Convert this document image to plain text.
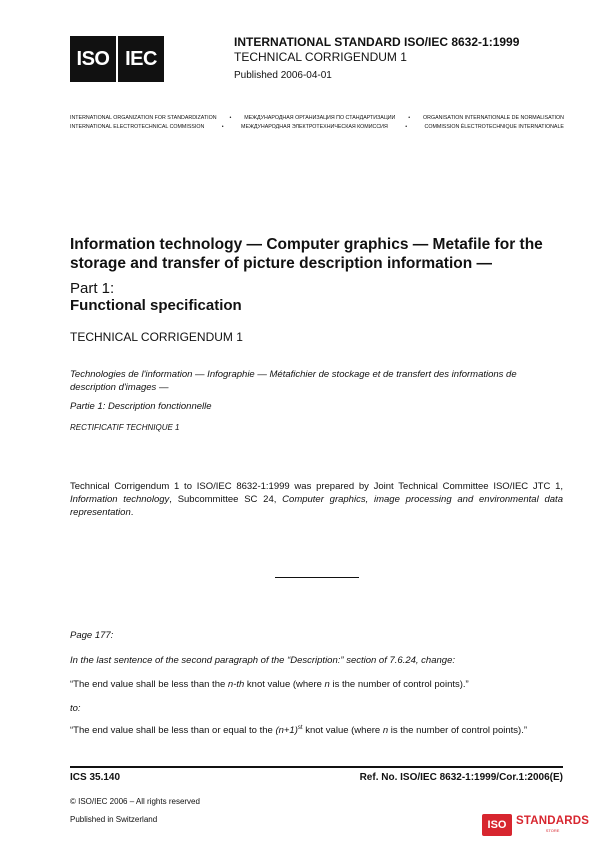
ISO IEC
INTERNATIONAL STANDARD ISO/IEC 8632-1:1999
TECHNICAL CORRIGENDUM 1
Published 2006-04-01
INTERNATIONAL ORGANIZATION FOR STANDARDIZATION • МЕЖДУНАРОДНАЯ ОРГАНИЗАЦИЯ ПО СТАНДАРТИЗАЦИИ • ORGANISATION INTERNATIONALE DE NORMALISATION
INTERNATIONAL ELECTROTECHNICAL COMMISSION	•	МЕЖДУНАРОДНАЯ ЭЛЕКТРОТЕХНИЧЕСКАЯ КОМИССИЯ	•	COMMISSION ÉLECTROTECHNIQUE INTERNATIONALE
Information technology — Computer graphics — Metafile for the storage and transfer of picture description information —
Part 1:
Functional specification
TECHNICAL CORRIGENDUM 1
Technologies de l'information — Infographie — Métafichier de stockage et de transfert des informations de description d'images —
Partie 1: Description fonctionnelle
RECTIFICATIF TECHNIQUE 1
Technical Corrigendum 1 to ISO/IEC 8632-1:1999 was prepared by Joint Technical Committee ISO/IEC JTC 1, Information technology, Subcommittee SC 24, Computer graphics, image processing and environmental data representation.
Page 177:
In the last sentence of the second paragraph of the “Description:” section of 7.6.24, change:
“The end value shall be less than the n-th knot value (where n is the number of control points).”
to:
“The end value shall be less than or equal to the $(n+1)^{st}$ knot value (where n is the number of control points).”
ICS 35.140	Ref. No. ISO/IEC 8632-1:1999/Cor.1:2006(E)
© ISO/IEC 2006 – All rights reserved
Published in Switzerland	ISO STANDARDS
STORE
